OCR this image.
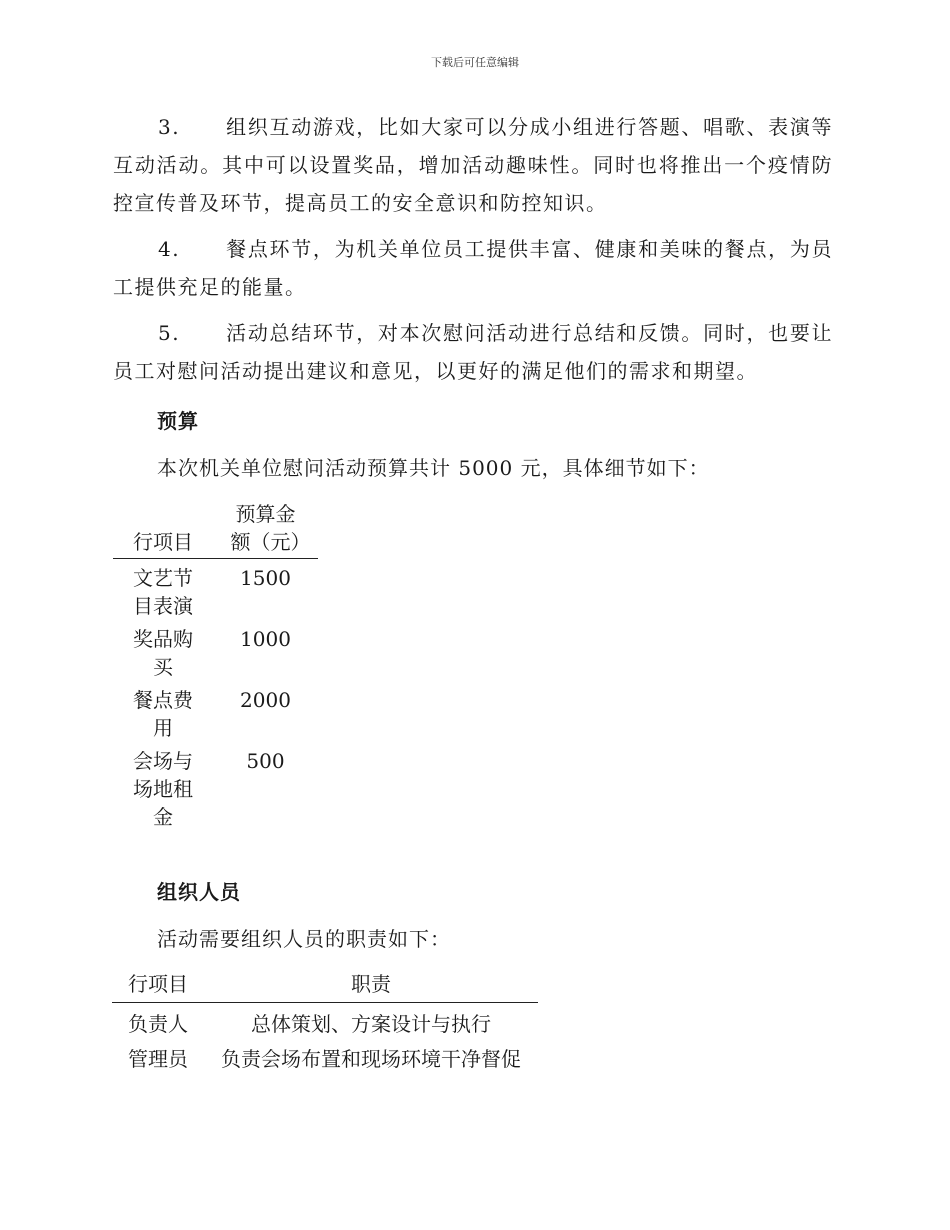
下载后可任意编辑
3. 组织互动游戏，比如大家可以分成小组进行答题、唱歌、表演等互动活动。其中可以设置奖品，增加活动趣味性。同时也将推出一个疫情防控宣传普及环节，提高员工的安全意识和防控知识。
4. 餐点环节，为机关单位员工提供丰富、健康和美味的餐点，为员工提供充足的能量。
5. 活动总结环节，对本次慰问活动进行总结和反馈。同时，也要让员工对慰问活动提出建议和意见，以更好的满足他们的需求和期望。
预算
本次机关单位慰问活动预算共计 5000 元，具体细节如下：
行项目	预算金额（元）
文艺节目表演	1500
奖品购买	1000
餐点费用	2000
会场与场地租金	500
组织人员
活动需要组织人员的职责如下：
行项目	职责
负责人	总体策划、方案设计与执行
管理员	负责会场布置和现场环境干净督促
